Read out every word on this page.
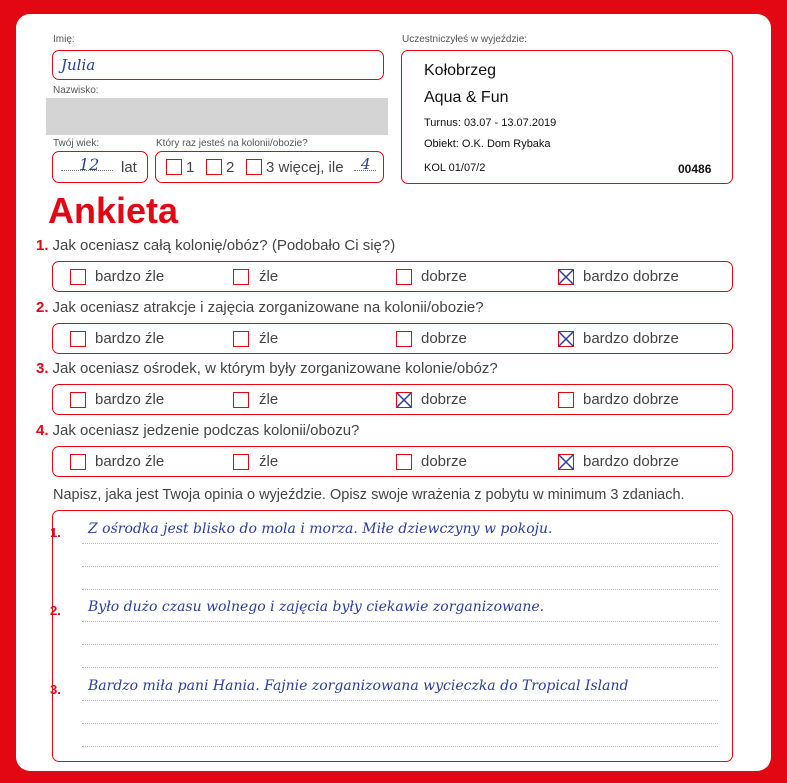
Imię:
Julia
Nazwisko:
Twój wiek:
12 lat
Który raz jesteś na kolonii/obozie?
1 2 3 więcej, ile 4
Uczestniczyłeś w wyjeździe:
Kołobrzeg
Aqua & Fun
Turnus: 03.07 - 13.07.2019
Obiekt: O.K. Dom Rybaka
KOL 01/07/2	00486
Ankieta
1. Jak oceniasz całą kolonię/obóz? (Podobało Ci się?)
bardzo źle	źle	dobrze	bardzo dobrze
2. Jak oceniasz atrakcje i zajęcia zorganizowane na kolonii/obozie?
bardzo źle	źle	dobrze	bardzo dobrze
3. Jak oceniasz ośrodek, w którym były zorganizowane kolonie/obóz?
bardzo źle	źle	dobrze	bardzo dobrze
4. Jak oceniasz jedzenie podczas kolonii/obozu?
bardzo źle	źle	dobrze	bardzo dobrze
Napisz, jaka jest Twoja opinia o wyjeździe. Opisz swoje wrażenia z pobytu w minimum 3 zdaniach.
1. Z ośrodka jest blisko do mola i morza. Miłe dziewczyny w pokoju.
2. Było dużo czasu wolnego i zajęcia były ciekawie zorganizowane.
3. Bardzo miła pani Hania. Fajnie zorganizowana wycieczka do Tropical Island
